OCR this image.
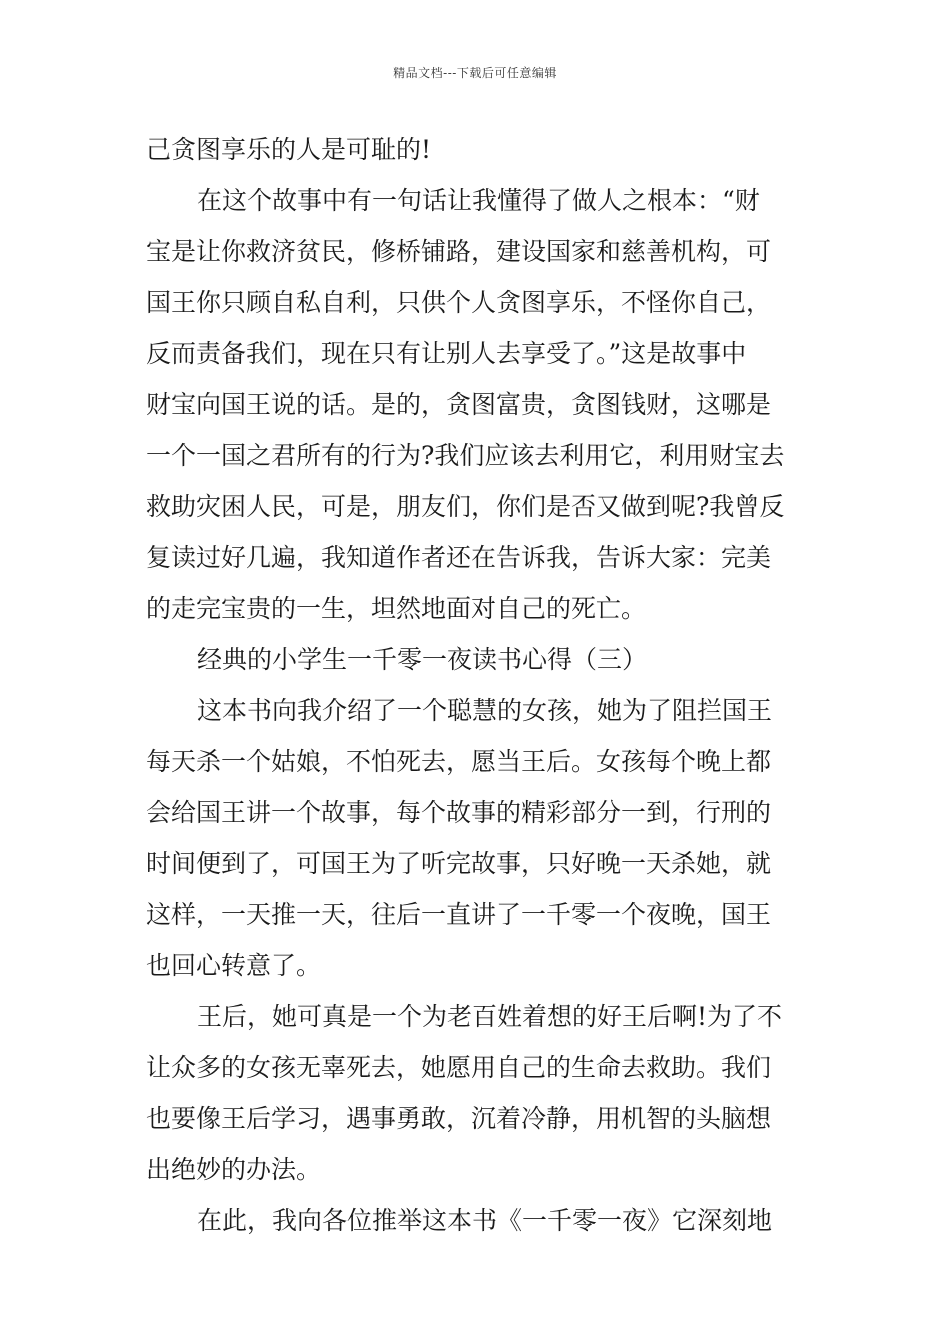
精品文档---下载后可任意编辑
己贪图享乐的人是可耻的!
在这个故事中有一句话让我懂得了做人之根本：“财
宝是让你救济贫民，修桥铺路，建设国家和慈善机构，可
国王你只顾自私自利，只供个人贪图享乐，不怪你自己，
反而责备我们，现在只有让别人去享受了。”这是故事中
财宝向国王说的话。是的，贪图富贵，贪图钱财，这哪是
一个一国之君所有的行为?我们应该去利用它，利用财宝去
救助灾困人民，可是，朋友们，你们是否又做到呢?我曾反
复读过好几遍，我知道作者还在告诉我，告诉大家：完美
的走完宝贵的一生，坦然地面对自己的死亡。
经典的小学生一千零一夜读书心得（三）
这本书向我介绍了一个聪慧的女孩，她为了阻拦国王
每天杀一个姑娘，不怕死去，愿当王后。女孩每个晚上都
会给国王讲一个故事，每个故事的精彩部分一到，行刑的
时间便到了，可国王为了听完故事，只好晚一天杀她，就
这样，一天推一天，往后一直讲了一千零一个夜晚，国王
也回心转意了。
王后，她可真是一个为老百姓着想的好王后啊!为了不
让众多的女孩无辜死去，她愿用自己的生命去救助。我们
也要像王后学习，遇事勇敢，沉着冷静，用机智的头脑想
出绝妙的办法。
在此，我向各位推举这本书《一千零一夜》它深刻地
